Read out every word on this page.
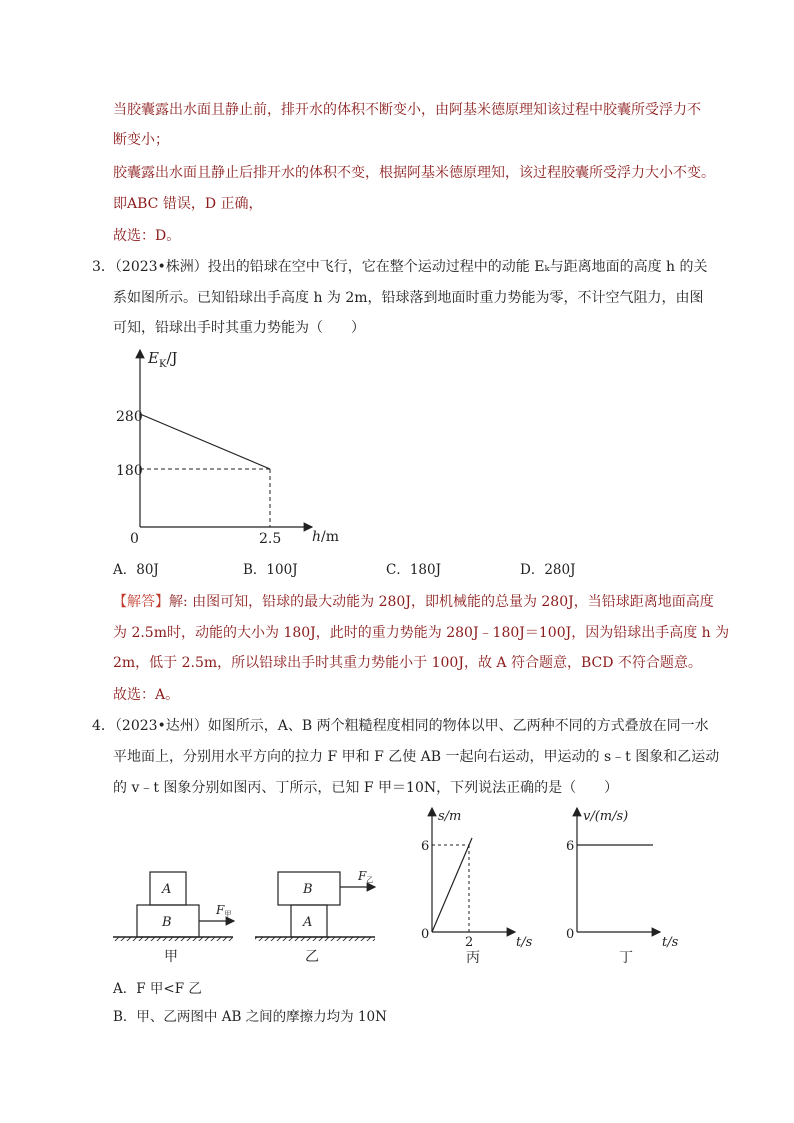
当胶囊露出水面且静止前，排开水的体积不断变小，由阿基米德原理知该过程中胶囊所受浮力不
断变小；
胶囊露出水面且静止后排开水的体积不变，根据阿基米德原理知，该过程胶囊所受浮力大小不变。
即ABC 错误，D 正确，
故选：D。
3．（2023•株洲）投出的铅球在空中飞行，它在整个运动过程中的动能 Eₖ与距离地面的高度 h 的关
系如图所示。已知铅球出手高度 h 为 2m，铅球落到地面时重力势能为零，不计空气阻力，由图
可知，铅球出手时其重力势能为（　　）
$E_K/J$
280
180
0	2.5 h/m
A．80J	B．100J	C．180J	D．280J
【解答】解: 由图可知，铅球的最大动能为 280J，即机械能的总量为 280J，当铅球距离地面高度
为 2.5m时，动能的大小为 180J，此时的重力势能为 280J﹣180J＝100J，因为铅球出手高度 h 为
2m，低于 2.5m，所以铅球出手时其重力势能小于 100J，故 A 符合题意，BCD 不符合题意。
故选：A。
4．（2023•达州）如图所示，A、B 两个粗糙程度相同的物体以甲、乙两种不同的方式叠放在同一水
平地面上，分别用水平方向的拉力 F 甲和 F 乙使 AB 一起向右运动，甲运动的 s﹣t 图象和乙运动
的 v﹣t 图象分别如图丙、丁所示，已知 F 甲＝10N，下列说法正确的是（　　）
A
B
F甲
甲
B
A
F乙
乙
s/m
6
0
2	t/s
丙
v/(m/s)
6
0
t/s
丁
A．F 甲<F 乙
B．甲、乙两图中 AB 之间的摩擦力均为 10N
